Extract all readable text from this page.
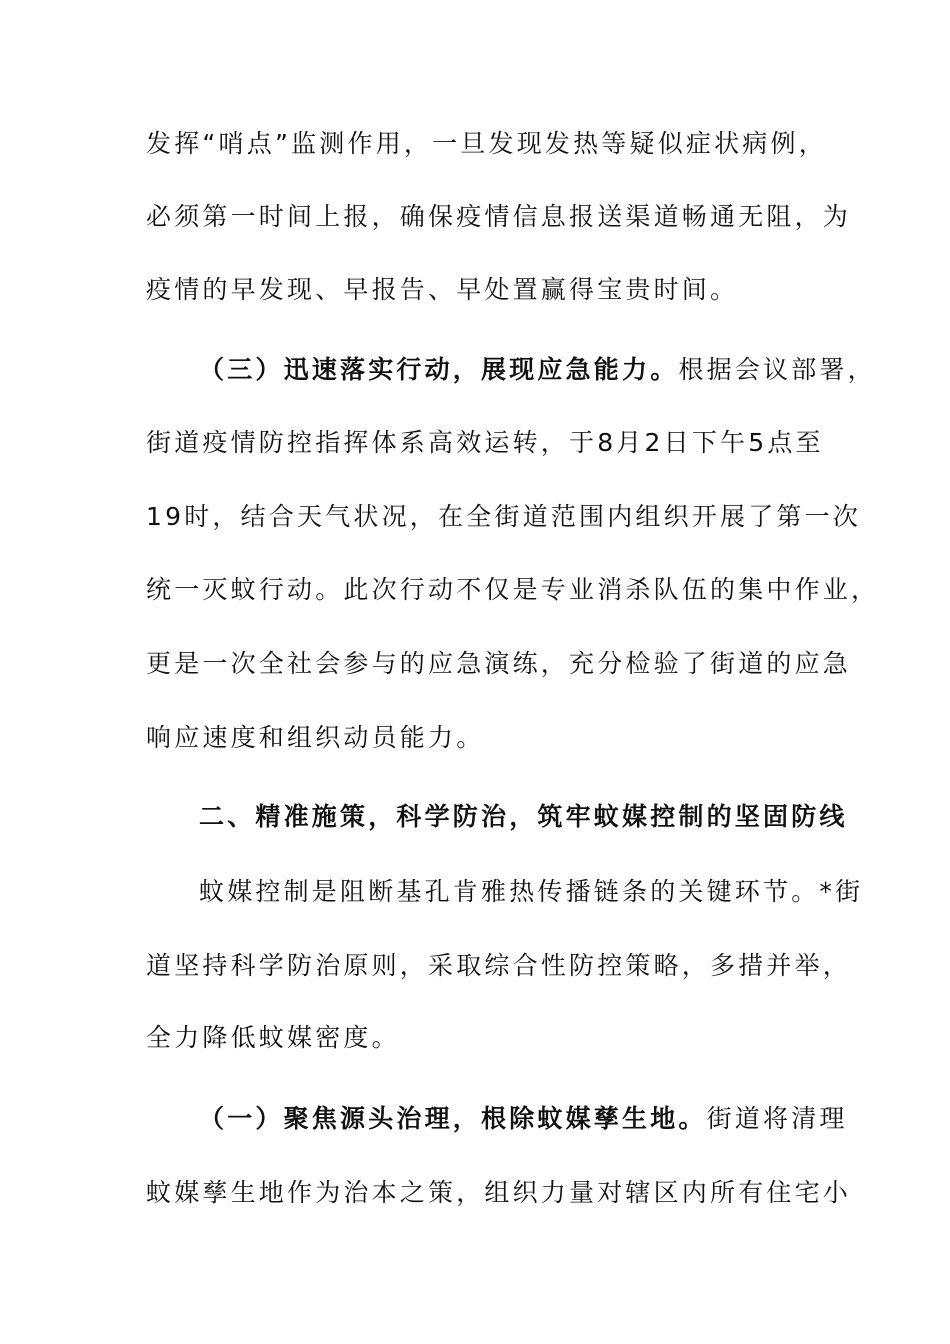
发挥“哨点”监测作用，一旦发现发热等疑似症状病例，
必须第一时间上报，确保疫情信息报送渠道畅通无阻，为
疫情的早发现、早报告、早处置赢得宝贵时间。
（三）迅速落实行动，展现应急能力。根据会议部署，
街道疫情防控指挥体系高效运转，于8月2日下午5点至
19时，结合天气状况，在全街道范围内组织开展了第一次
统一灭蚊行动。此次行动不仅是专业消杀队伍的集中作业，
更是一次全社会参与的应急演练，充分检验了街道的应急
响应速度和组织动员能力。
二、精准施策，科学防治，筑牢蚊媒控制的坚固防线
蚊媒控制是阻断基孔肯雅热传播链条的关键环节。*街
道坚持科学防治原则，采取综合性防控策略，多措并举，
全力降低蚊媒密度。
（一）聚焦源头治理，根除蚊媒孳生地。街道将清理
蚊媒孳生地作为治本之策，组织力量对辖区内所有住宅小
